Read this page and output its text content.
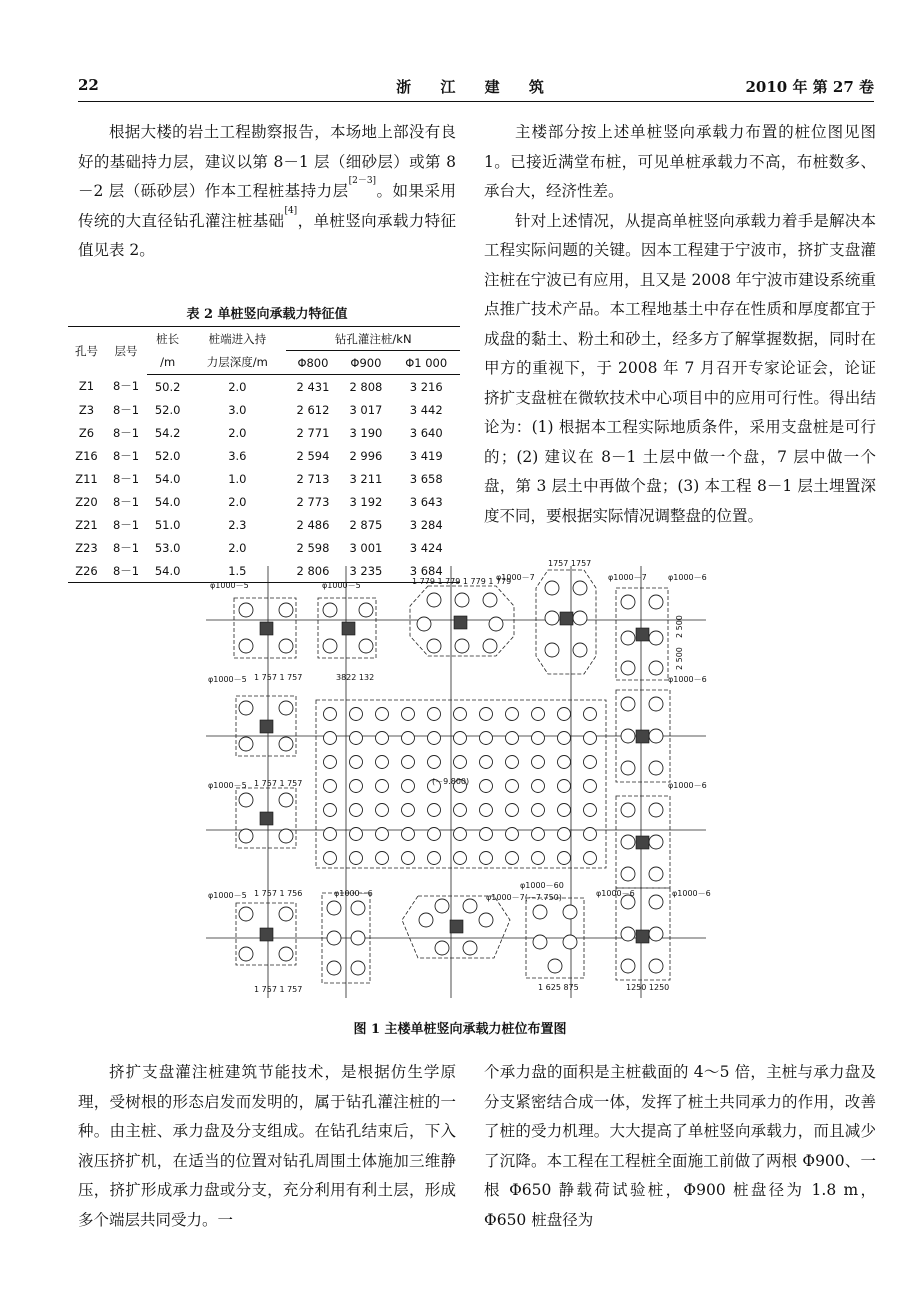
22	浙 江 建 筑	2010 年 第 27 卷

根据大楼的岩土工程勘察报告，本场地上部没有良好的基础持力层，建议以第 8－1 层（细砂层）或第 8－2 层（砾砂层）作本工程桩基持力层[2－3]。如果采用传统的大直径钻孔灌注桩基础[4]，单桩竖向承载力特征值见表 2。

表 2 单桩竖向承载力特征值
孔号	层号	桩长	桩端进入持	钻孔灌注桩/kN		
		/m	力层深度/m	Φ800	Φ900	Φ1 000
Z1	8－1	50.2	2.0	2 431	2 808	3 216
Z3	8－1	52.0	3.0	2 612	3 017	3 442
Z6	8－1	54.2	2.0	2 771	3 190	3 640
Z16	8－1	52.0	3.6	2 594	2 996	3 419
Z11	8－1	54.0	1.0	2 713	3 211	3 658
Z20	8－1	54.0	2.0	2 773	3 192	3 643
Z21	8－1	51.0	2.3	2 486	2 875	3 284
Z23	8－1	53.0	2.0	2 598	3 001	3 424
Z26	8－1	54.0	1.5	2 806	3 235	3 684

主楼部分按上述单桩竖向承载力布置的桩位图见图 1。已接近满堂布桩，可见单桩承载力不高，布桩数多、承台大，经济性差。

针对上述情况，从提高单桩竖向承载力着手是解决本工程实际问题的关键。因本工程建于宁波市，挤扩支盘灌注桩在宁波已有应用，且又是 2008 年宁波市建设系统重点推广技术产品。本工程地基土中存在性质和厚度都宜于成盘的黏土、粉土和砂土，经多方了解掌握数据，同时在甲方的重视下，于 2008 年 7 月召开专家论证会，论证挤扩支盘桩在微软技术中心项目中的应用可行性。得出结论为：(1) 根据本工程实际地质条件，采用支盘桩是可行的；(2) 建议在 8－1 土层中做一个盘，7 层中做一个盘，第 3 层土中再做个盘；(3) 本工程 8－1 层土埋置深度不同，要根据实际情况调整盘的位置。

φ1000－5	φ1000－5
φ1000－7	φ1000－7	φ1000－6
φ1000－5	φ1000－6
φ1000－5	φ1000－6
φ1000－5	φ1000－6	φ1000－6	φ1000－6
φ1000－60
φ1000－7(－7.750)
(－9.800)
1 779 1 779 1 779 1 779
1757 1757
1 757 1 757
1 757 1 757
1 757 1 756
1 757 1 757
3822 132
1 625 875	1250 1250
2 500
2 500
图 1 主楼单桩竖向承载力桩位布置图

挤扩支盘灌注桩建筑节能技术，是根据仿生学原理，受树根的形态启发而发明的，属于钻孔灌注桩的一种。由主桩、承力盘及分支组成。在钻孔结束后，下入液压挤扩机，在适当的位置对钻孔周围土体施加三维静压，挤扩形成承力盘或分支，充分利用有利土层，形成多个端层共同受力。一

个承力盘的面积是主桩截面的 4～5 倍，主桩与承力盘及分支紧密结合成一体，发挥了桩土共同承力的作用，改善了桩的受力机理。大大提高了单桩竖向承载力，而且减少了沉降。本工程在工程桩全面施工前做了两根 Φ900、一根 Φ650 静载荷试验桩，Φ900 桩盘径为 1.8 m，Φ650 桩盘径为
